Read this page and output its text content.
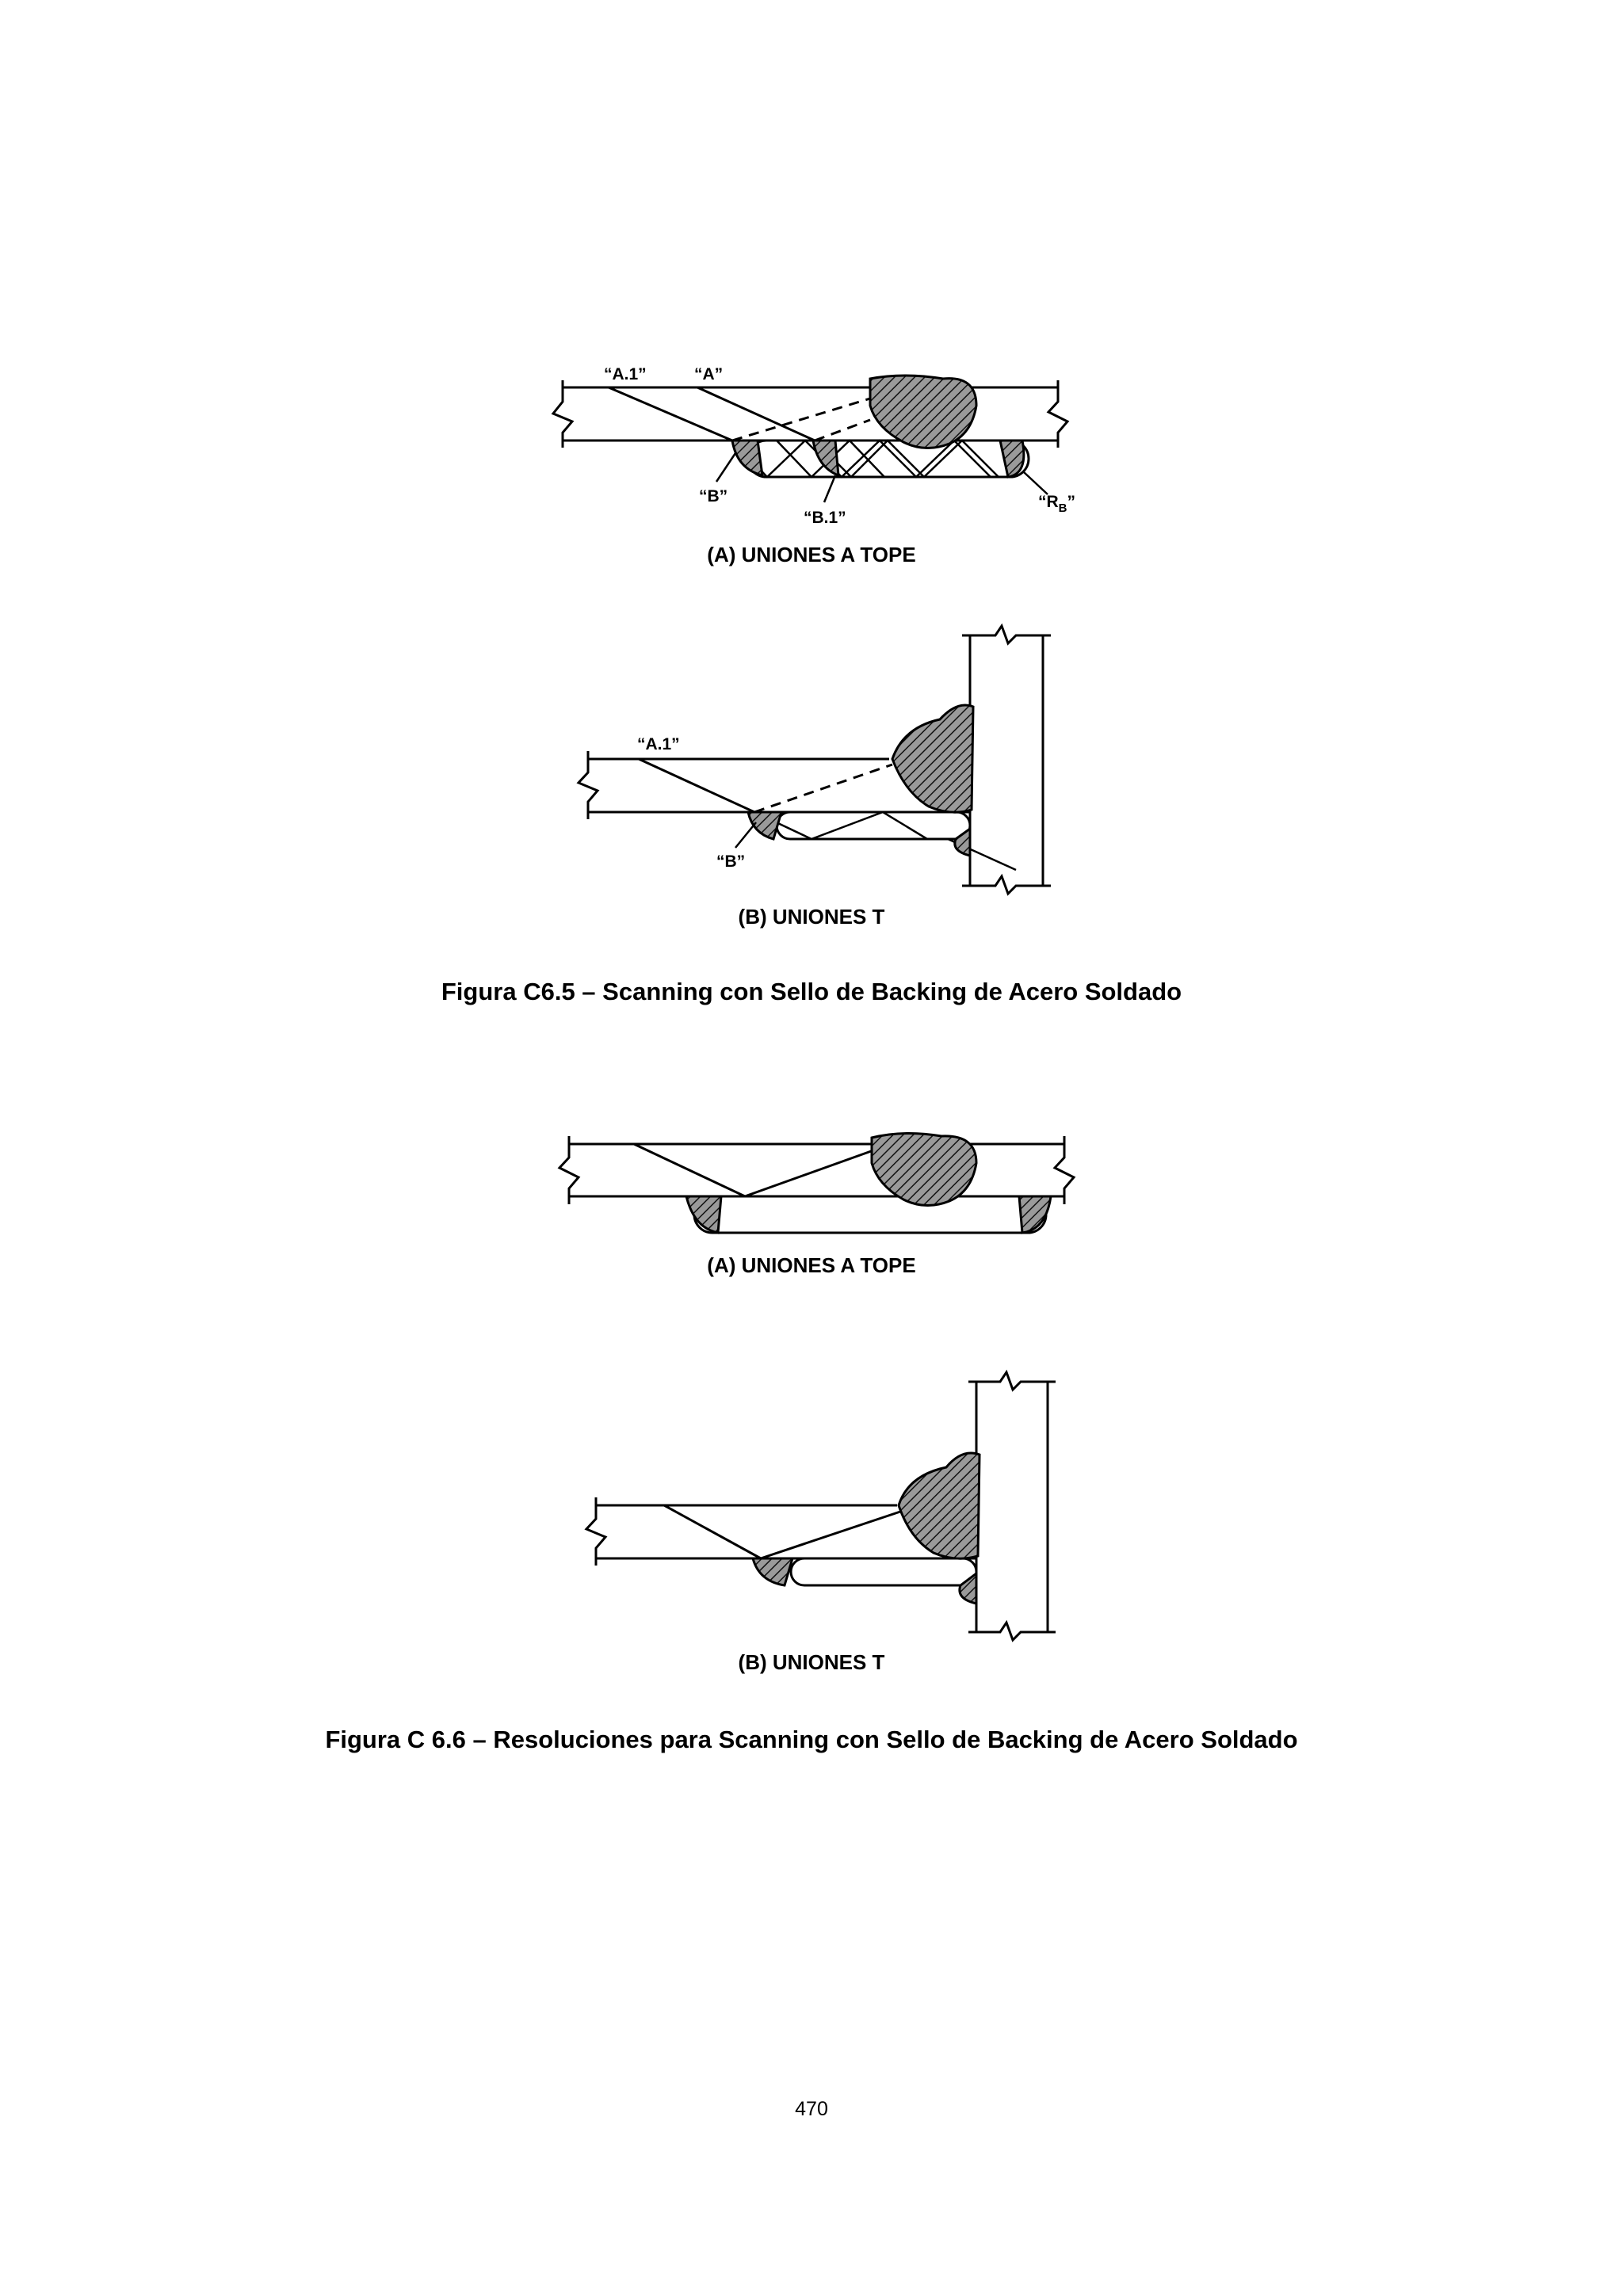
“A.1”	“A”
“B”
“B.1”
“$R_B$”
“A.1”
“B”
(A) UNIONES A TOPE
(B) UNIONES T
Figura C6.5 – Scanning con Sello de Backing de Acero Soldado
(A) UNIONES A TOPE
(B) UNIONES T
Figura C 6.6 – Resoluciones para Scanning con Sello de Backing de Acero Soldado
470
